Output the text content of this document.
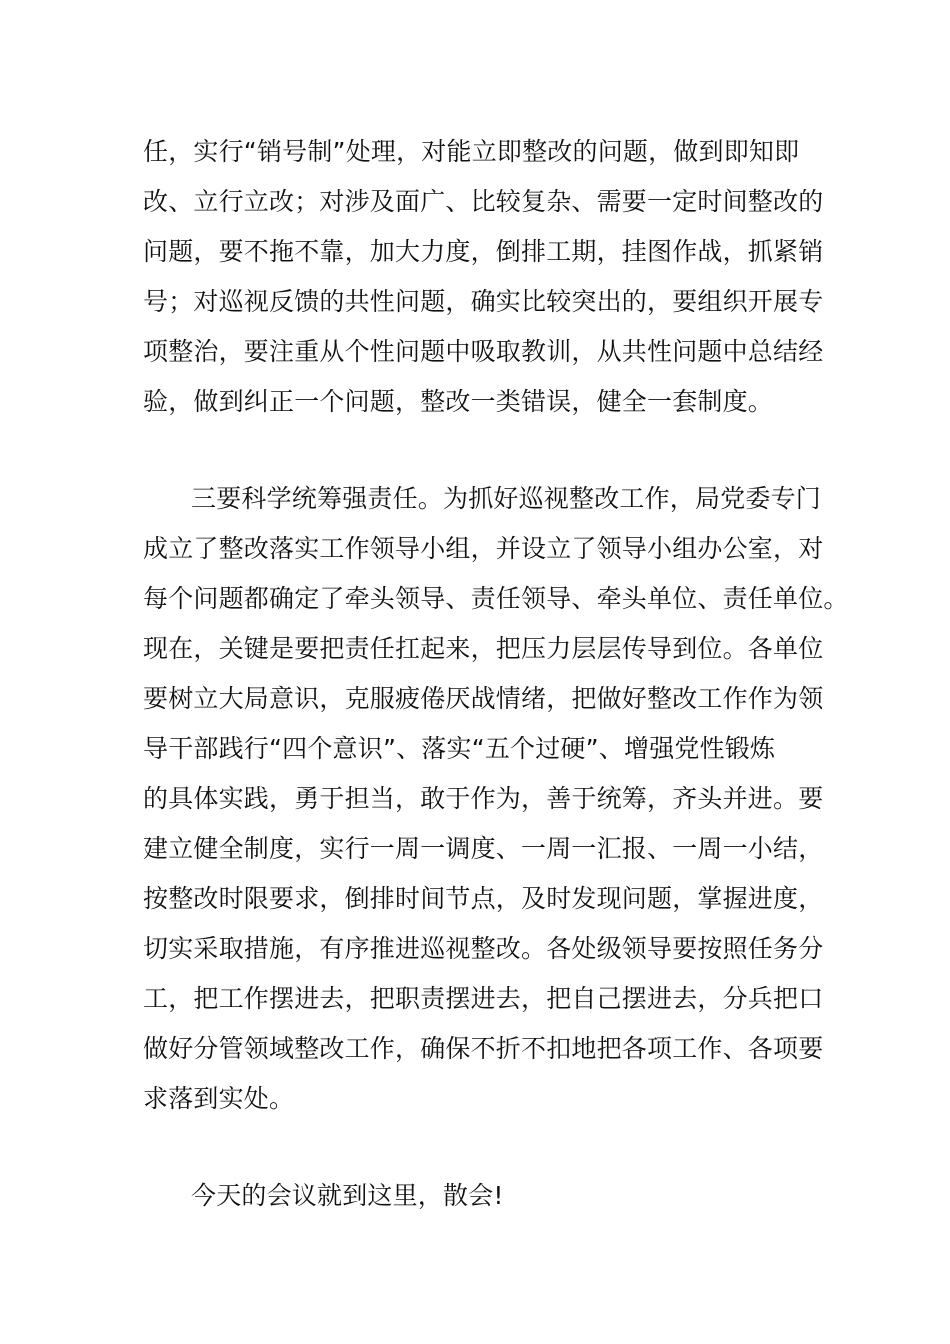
任，实行“销号制”处理，对能立即整改的问题，做到即知即
改、立行立改；对涉及面广、比较复杂、需要一定时间整改的
问题，要不拖不靠，加大力度，倒排工期，挂图作战，抓紧销
号；对巡视反馈的共性问题，确实比较突出的，要组织开展专
项整治，要注重从个性问题中吸取教训，从共性问题中总结经
验，做到纠正一个问题，整改一类错误，健全一套制度。
三要科学统筹强责任。为抓好巡视整改工作，局党委专门
成立了整改落实工作领导小组，并设立了领导小组办公室，对
每个问题都确定了牵头领导、责任领导、牵头单位、责任单位。
现在，关键是要把责任扛起来，把压力层层传导到位。各单位
要树立大局意识，克服疲倦厌战情绪，把做好整改工作作为领
导干部践行“四个意识”、落实“五个过硬”、增强党性锻炼
的具体实践，勇于担当，敢于作为，善于统筹，齐头并进。要
建立健全制度，实行一周一调度、一周一汇报、一周一小结，
按整改时限要求，倒排时间节点，及时发现问题，掌握进度，
切实采取措施，有序推进巡视整改。各处级领导要按照任务分
工，把工作摆进去，把职责摆进去，把自己摆进去，分兵把口
做好分管领域整改工作，确保不折不扣地把各项工作、各项要
求落到实处。
今天的会议就到这里，散会!
